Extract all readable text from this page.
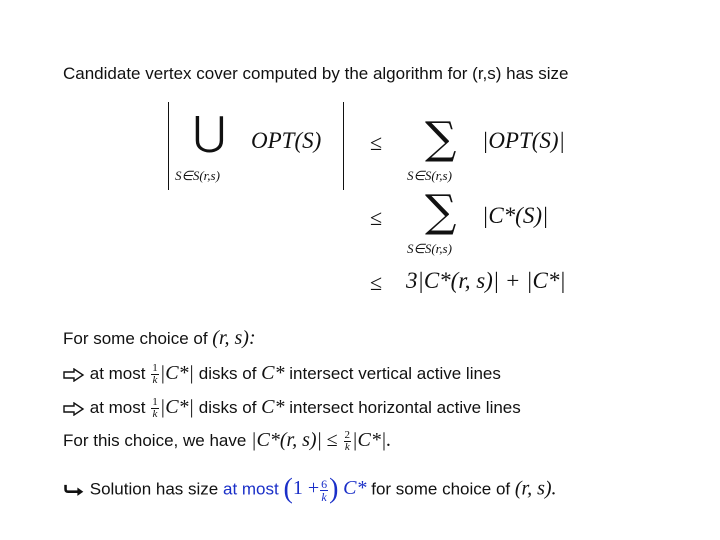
Candidate vertex cover computed by the algorithm for (r,s) has size
⋃
S∈S(r,s)
OPT(S) ≤ ∑
S∈S(r,s)
|OPT(S)|
≤ ∑
S∈S(r,s)
|C*(S)|
≤ 3|C*(r, s)| + |C*|
For some choice of (r, s):
at most $\frac{1}{k} |C*|$ disks of C* intersect vertical active lines
at most $\frac{1}{k} |C*|$ disks of C* intersect horizontal active lines
For this choice, we have |C*(r, $s)| \le \frac{2}{k} |C*|$.
Solution has size at most ($1 + \frac{6}{k}$ ) C* for some choice of (r, s).
